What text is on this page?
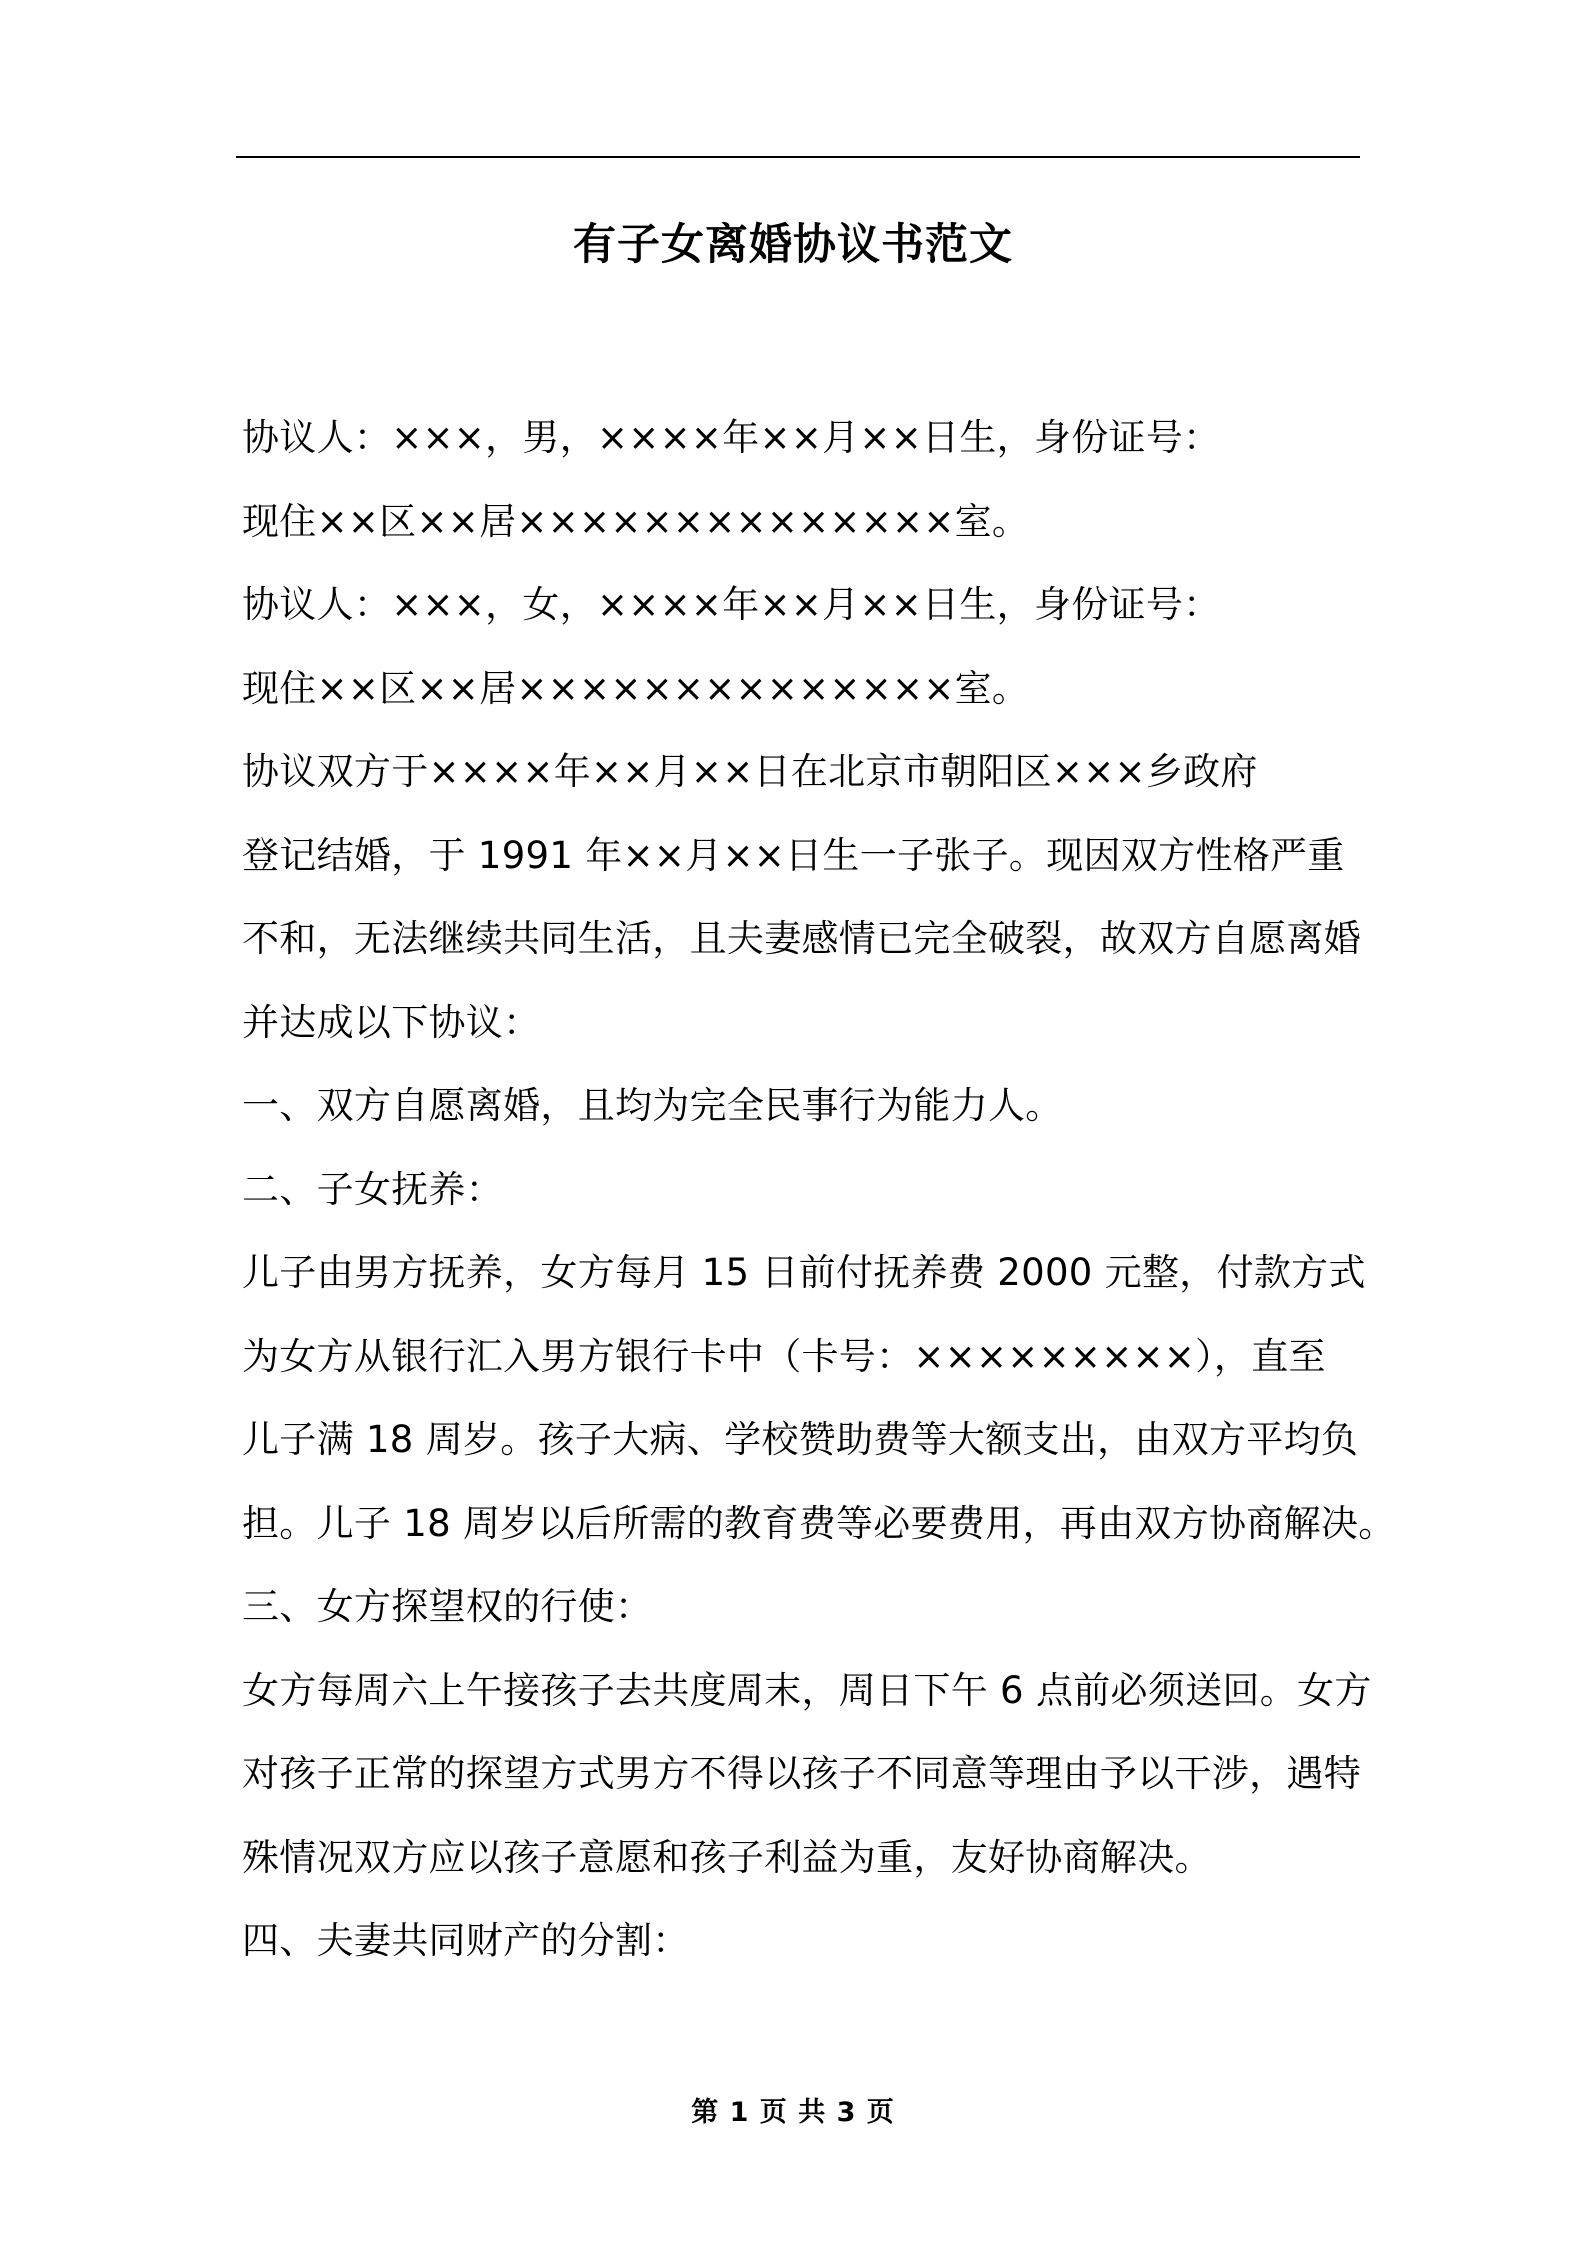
有子女离婚协议书范文
协议人：×××，男，××××年××月××日生，身份证号：
现住××区××居××××××××××××××室。
协议人：×××，女，××××年××月××日生，身份证号：
现住××区××居××××××××××××××室。
协议双方于××××年××月××日在北京市朝阳区×××乡政府
登记结婚，于 1991 年××月××日生一子张子。现因双方性格严重
不和，无法继续共同生活，且夫妻感情已完全破裂，故双方自愿离婚
并达成以下协议：
一、双方自愿离婚，且均为完全民事行为能力人。
二、子女抚养：
儿子由男方抚养，女方每月 15 日前付抚养费 2000 元整，付款方式
为女方从银行汇入男方银行卡中（卡号：×××××××××），直至
儿子满 18 周岁。孩子大病、学校赞助费等大额支出，由双方平均负
担。儿子 18 周岁以后所需的教育费等必要费用，再由双方协商解决。
三、女方探望权的行使：
女方每周六上午接孩子去共度周末，周日下午 6 点前必须送回。女方
对孩子正常的探望方式男方不得以孩子不同意等理由予以干涉，遇特
殊情况双方应以孩子意愿和孩子利益为重，友好协商解决。
四、夫妻共同财产的分割：
第 1 页 共 3 页
